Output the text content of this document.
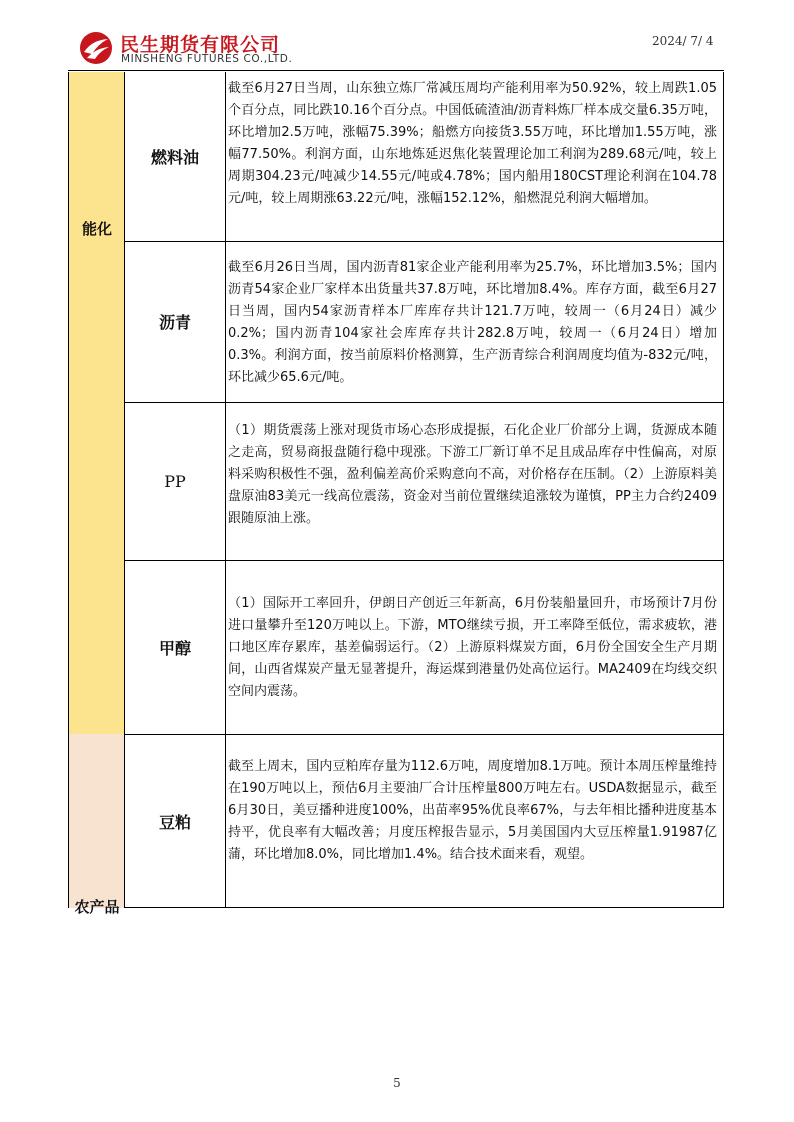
民生期货有限公司
MINSHENG FUTURES CO.,LTD.
2024/ 7/ 4
能化
农产品
燃料油

截至6月27日当周，山东独立炼厂常减压周均产能利用率为50.92%，较上周跌1.05个百分点，同比跌10.16个百分点。中国低硫渣油/沥青料炼厂样本成交量6.35万吨，环比增加2.5万吨，涨幅75.39%；船燃方向接货3.55万吨，环比增加1.55万吨，涨幅77.50%。利润方面，山东地炼延迟焦化装置理论加工利润为289.68元/吨，较上周期304.23元/吨减少14.55元/吨或4.78%；国内船用180CST理论利润在104.78元/吨，较上周期涨63.22元/吨，涨幅152.12%，船燃混兑利润大幅增加。

沥青

截至6月26日当周，国内沥青81家企业产能利用率为25.7%，环比增加3.5%；国内沥青54家企业厂家样本出货量共37.8万吨，环比增加8.4%。库存方面，截至6月27日当周，国内54家沥青样本厂库库存共计121.7万吨，较周一（6月24日）减少0.2%；国内沥青104家社会库库存共计282.8万吨，较周一（6月24日）增加0.3%。利润方面，按当前原料价格测算，生产沥青综合利润周度均值为-832元/吨，环比减少65.6元/吨。

PP

（1）期货震荡上涨对现货市场心态形成提振，石化企业厂价部分上调，货源成本随之走高，贸易商报盘随行稳中现涨。下游工厂新订单不足且成品库存中性偏高，对原料采购积极性不强，盈利偏差高价采购意向不高，对价格存在压制。（2）上游原料美盘原油83美元一线高位震荡，资金对当前位置继续追涨较为谨慎，PP主力合约2409跟随原油上涨。

甲醇

（1）国际开工率回升，伊朗日产创近三年新高，6月份装船量回升，市场预计7月份进口量攀升至120万吨以上。下游，MTO继续亏损，开工率降至低位，需求疲软，港口地区库存累库，基差偏弱运行。（2）上游原料煤炭方面，6月份全国安全生产月期间，山西省煤炭产量无显著提升，海运煤到港量仍处高位运行。MA2409在均线交织空间内震荡。

豆粕

截至上周末，国内豆粕库存量为112.6万吨，周度增加8.1万吨。预计本周压榨量维持在190万吨以上，预估6月主要油厂合计压榨量800万吨左右。USDA数据显示，截至6月30日，美豆播种进度100%，出苗率95%优良率67%，与去年相比播种进度基本持平，优良率有大幅改善；月度压榨报告显示，5月美国国内大豆压榨量1.91987亿蒲，环比增加8.0%，同比增加1.4%。结合技术面来看，观望。

5
